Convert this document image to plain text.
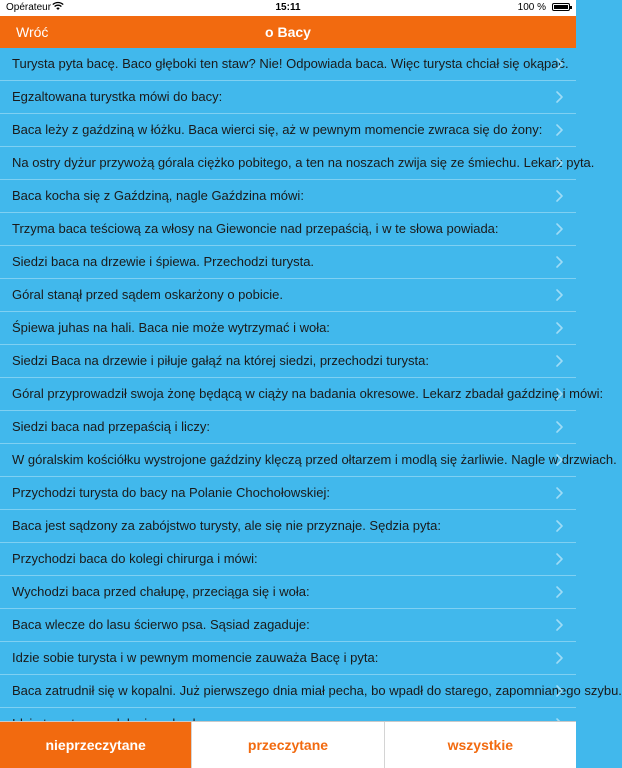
Opérateur	15:11	100 %
Wróć	o Bacy
Turysta pyta bacę. Baco głęboki ten staw? Nie! Odpowiada baca. Więc turysta chciał się okąpać.
Egzaltowana turystka mówi do bacy:
Baca leży z gaździną w łóżku. Baca wierci się, aż w pewnym momencie zwraca się do żony:
Na ostry dyżur przywożą górala ciężko pobitego, a ten na noszach zwija się ze śmiechu. Lekarz pyta.
Baca kocha się z Gaździną, nagle Gaździna mówi:
Trzyma baca teściową za włosy na Giewoncie nad przepaścią, i w te słowa powiada:
Siedzi baca na drzewie i śpiewa. Przechodzi turysta.
Góral stanął przed sądem oskarżony o pobicie.
Śpiewa juhas na hali. Baca nie może wytrzymać i woła:
Siedzi Baca na drzewie i piłuje gałąź na której siedzi, przechodzi turysta:
Góral przyprowadził swoja żonę będącą w ciąży na badania okresowe. Lekarz zbadał gaździnę i mówi:
Siedzi baca nad przepaścią i liczy:
W góralskim kościółku wystrojone gaździny klęczą przed ołtarzem i modlą się żarliwie. Nagle w drzwiach.
Przychodzi turysta do bacy na Polanie Chochołowskiej:
Baca jest sądzony za zabójstwo turysty, ale się nie przyznaje. Sędzia pyta:
Przychodzi baca do kolegi chirurga i mówi:
Wychodzi baca przed chałupę, przeciąga się i woła:
Baca wlecze do lasu ścierwo psa. Sąsiad zagaduje:
Idzie sobie turysta i w pewnym momencie zauważa Bacę i pyta:
Baca zatrudnił się w kopalni. Już pierwszego dnia miał pecha, bo wpadł do starego, zapomnianego szybu.
nieprzeczytane	przeczytane	wszystkie
